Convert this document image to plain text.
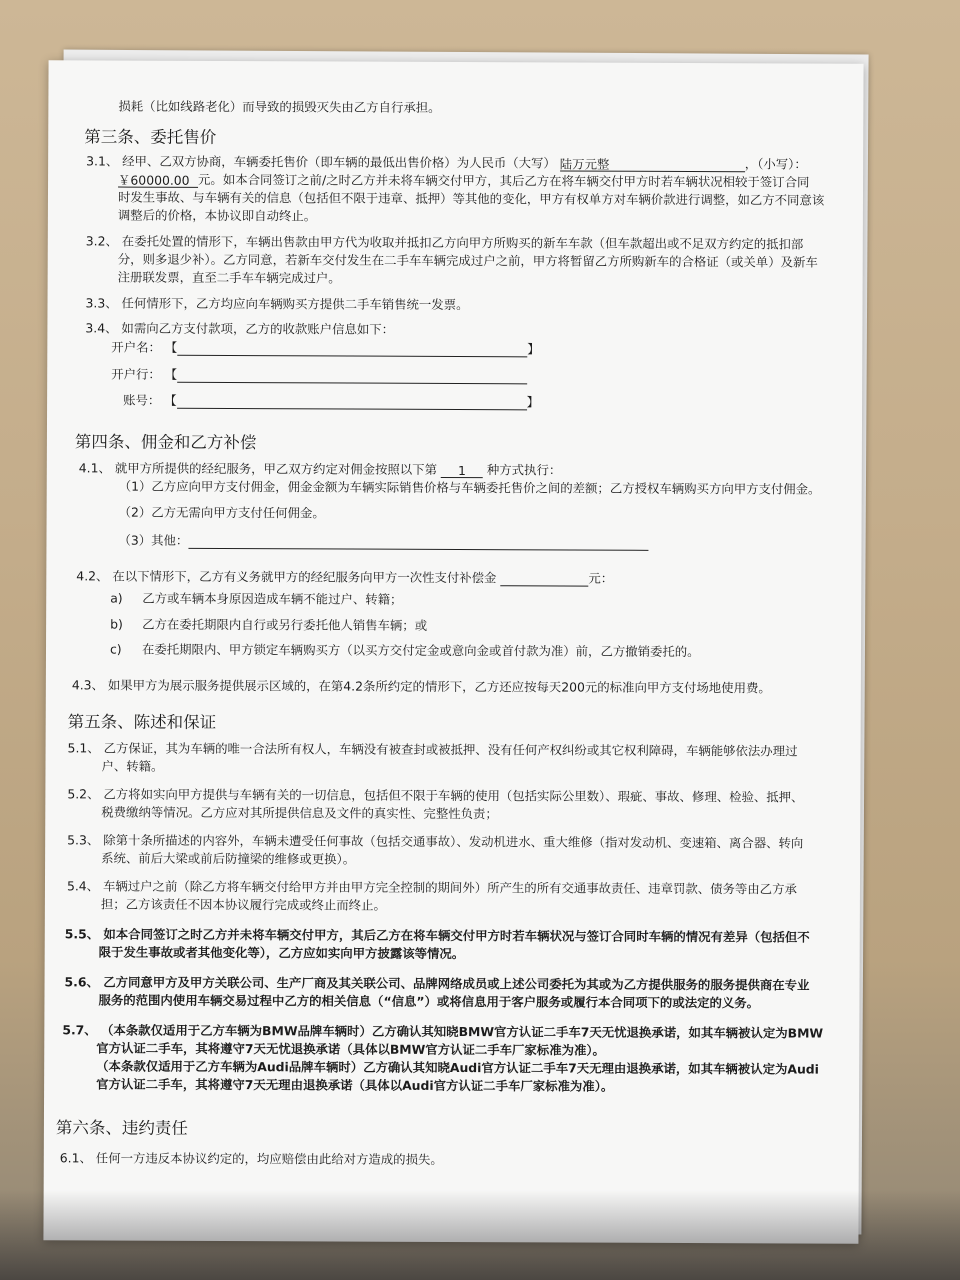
损耗（比如线路老化）而导致的损毁灭失由乙方自行承担。
第三条、委托售价
3.1、 经甲、乙双方协商，车辆委托售价（即车辆的最低出售价格）为人民币（大写） 陆万元整	，（小写）：
￥60000.00 元。如本合同签订之前/之时乙方并未将车辆交付甲方，其后乙方在将车辆交付甲方时若车辆状况相较于签订合同
时发生事故、与车辆有关的信息（包括但不限于违章、抵押）等其他的变化，甲方有权单方对车辆价款进行调整，如乙方不同意该
调整后的价格，本协议即自动终止。
3.2、 在委托处置的情形下，车辆出售款由甲方代为收取并抵扣乙方向甲方所购买的新车车款（但车款超出或不足双方约定的抵扣部
分，则多退少补）。乙方同意，若新车交付发生在二手车车辆完成过户之前，甲方将暂留乙方所购新车的合格证（或关单）及新车
注册联发票，直至二手车车辆完成过户。
3.3、 任何情形下，乙方均应向车辆购买方提供二手车销售统一发票。
3.4、 如需向乙方支付款项，乙方的收款账户信息如下：
开户名： 【	】
开户行： 【
账号： 【	】
第四条、佣金和乙方补偿
4.1、 就甲方所提供的经纪服务，甲乙双方约定对佣金按照以下第 1 种方式执行：
（1）乙方应向甲方支付佣金，佣金金额为车辆实际销售价格与车辆委托售价之间的差额；乙方授权车辆购买方向甲方支付佣金。
（2）乙方无需向甲方支付任何佣金。
（3）其他：
4.2、 在以下情形下，乙方有义务就甲方的经纪服务向甲方一次性支付补偿金	元：
a) 乙方或车辆本身原因造成车辆不能过户、转籍；
b) 乙方在委托期限内自行或另行委托他人销售车辆；或
c) 在委托期限内、甲方锁定车辆购买方（以买方交付定金或意向金或首付款为准）前，乙方撤销委托的。
4.3、 如果甲方为展示服务提供展示区域的，在第4.2条所约定的情形下，乙方还应按每天200元的标准向甲方支付场地使用费。
第五条、陈述和保证
5.1、 乙方保证，其为车辆的唯一合法所有权人，车辆没有被查封或被抵押、没有任何产权纠纷或其它权利障碍，车辆能够依法办理过
户、转籍。
5.2、 乙方将如实向甲方提供与车辆有关的一切信息，包括但不限于车辆的使用（包括实际公里数）、瑕疵、事故、修理、检验、抵押、
税费缴纳等情况。乙方应对其所提供信息及文件的真实性、完整性负责；
5.3、 除第十条所描述的内容外，车辆未遭受任何事故（包括交通事故）、发动机进水、重大维修（指对发动机、变速箱、离合器、转向
系统、前后大梁或前后防撞梁的维修或更换）。
5.4、 车辆过户之前（除乙方将车辆交付给甲方并由甲方完全控制的期间外）所产生的所有交通事故责任、违章罚款、债务等由乙方承
担；乙方该责任不因本协议履行完成或终止而终止。
5.5、 如本合同签订之时乙方并未将车辆交付甲方，其后乙方在将车辆交付甲方时若车辆状况与签订合同时车辆的情况有差异（包括但不
限于发生事故或者其他变化等），乙方应如实向甲方披露该等情况。
5.6、 乙方同意甲方及甲方关联公司、生产厂商及其关联公司、品牌网络成员或上述公司委托为其或为乙方提供服务的服务提供商在专业
服务的范围内使用车辆交易过程中乙方的相关信息（“信息”）或将信息用于客户服务或履行本合同项下的或法定的义务。
5.7、 （本条款仅适用于乙方车辆为BMW品牌车辆时）乙方确认其知晓BMW官方认证二手车7天无忧退换承诺，如其车辆被认定为BMW
官方认证二手车，其将遵守7天无忧退换承诺（具体以BMW官方认证二手车厂家标准为准）。
（本条款仅适用于乙方车辆为Audi品牌车辆时）乙方确认其知晓Audi官方认证二手车7天无理由退换承诺，如其车辆被认定为Audi
官方认证二手车，其将遵守7天无理由退换承诺（具体以Audi官方认证二手车厂家标准为准）。
第六条、违约责任
6.1、 任何一方违反本协议约定的，均应赔偿由此给对方造成的损失。
